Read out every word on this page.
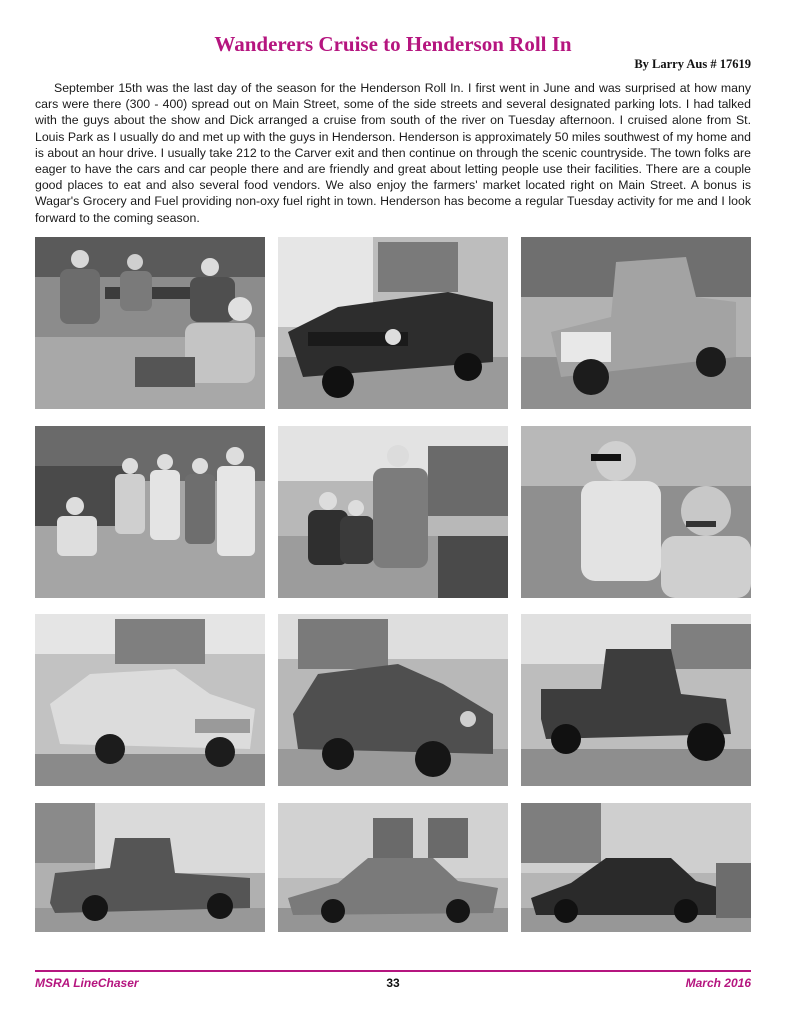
Wanderers Cruise to Henderson Roll In
By Larry Aus # 17619

September 15th was the last day of the season for the Henderson Roll In. I first went in June and was surprised at how many cars were there (300 - 400) spread out on Main Street, some of the side streets and several designated parking lots. I had talked with the guys about the show and Dick arranged a cruise from south of the river on Tuesday afternoon. I cruised alone from St. Louis Park as I usually do and met up with the guys in Henderson. Henderson is approximately 50 miles southwest of my home and is about an hour drive. I usually take 212 to the Carver exit and then continue on through the scenic countryside. The town folks are eager to have the cars and car people there and are friendly and great about letting people use their facilities. There are a couple good places to eat and also several food vendors. We also enjoy the farmers' market located right on Main Street. A bonus is Wagar's Grocery and Fuel providing non-oxy fuel right in town. Henderson has become a regular Tuesday activity for me and I look forward to the coming season.

MSRA LineChaser	33	March 2016
